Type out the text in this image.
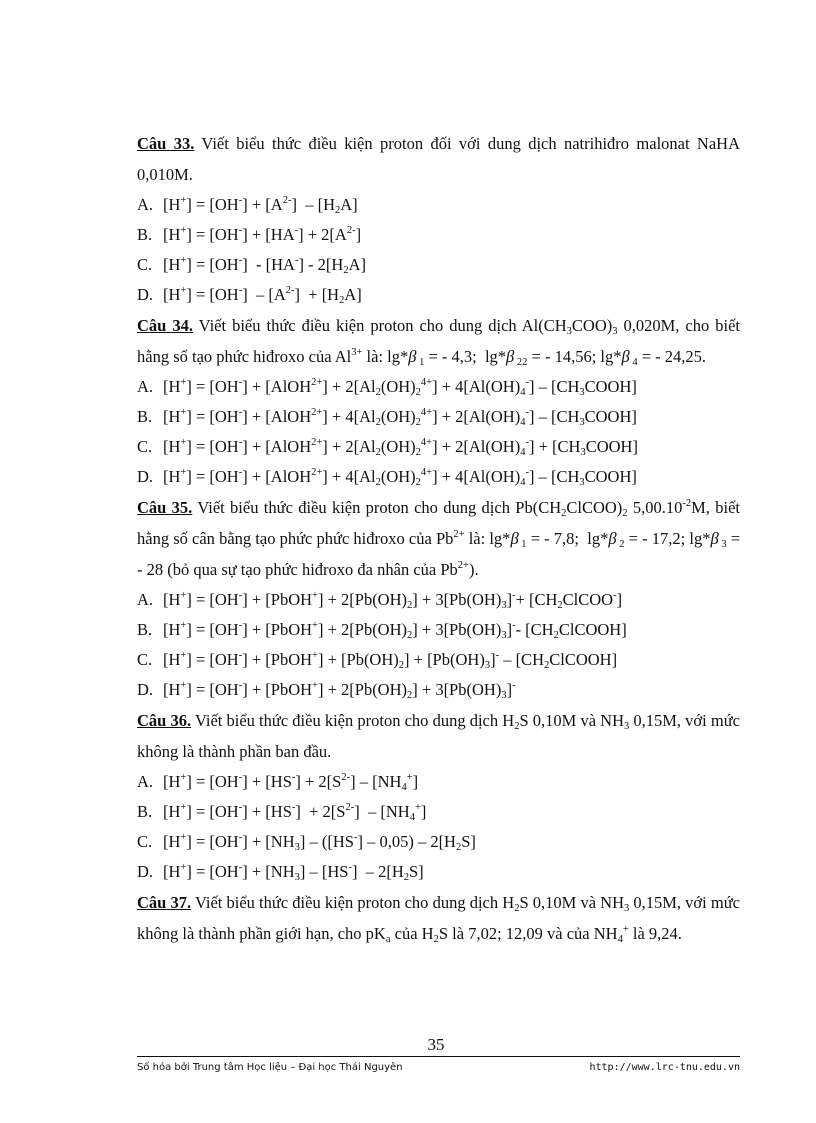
Câu 33. Viết biểu thức điều kiện proton đối với dung dịch natrihiđro malonat NaHA 0,010M.

A. $[H^+] = [OH^-] + [A^{2-}] - [H_2A]$

B. $[H^+] = [OH^-] + [HA^-] + 2[A^{2-}]$

C. $[H^+] = [OH^-] - [HA^-] - 2[H_2A]$

D. $[H^+] = [OH^-] - [A^{2-}] + [H_2A]$

Câu 34. Viết biểu thức điều kiện proton cho dung dịch $Al(CH_3COO)_3$ 0,020M, cho biết hằng số tạo phức hiđroxo của $Al^{3+}$ là: lg*β $_1$ = - 4,3;  lg*β $_{22}$ = - 14,56; lg*β $_4$ = - 24,25.

A. [H+] = [OH-] + [AlOH$^{2+}$] + $2[Al_2(OH)_2^{4+}] + 4[Al(OH)_4^-]$ – $[CH_3COOH]$

B. [H+] = [OH-] + [AlOH$^{2+}$] + $4[Al_2(OH)_2^{4+}] + 2[Al(OH)_4^-]$ – $[CH_3COOH]$

C. [H+] = [OH-] + [AlOH$^{2+}$] + $2[Al_2(OH)_2^{4+}] + 2[Al(OH)_4^-]$ + $[CH_3COOH]$

D. [H+] = [OH-] + [AlOH$^{2+}$] + $4[Al_2(OH)_2^{4+}] + 4[Al(OH)_4^-]$ – $[CH_3COOH]$

Câu 35. Viết biểu thức điều kiện proton cho dung dịch $Pb(CH_2ClCOO)_2$ $5,00.10^{-2}M$, biết hằng số cân bằng tạo phức phức hiđroxo của $Pb^{2+}$ là: lg*β $_1$ = - 7,8;  lg*β $_2$ = - 17,2; lg*β $_3$ = - 28 (bỏ qua sự tạo phức hiđroxo đa nhân của $Pb^{2+}$).

A. [H+] = [OH-] + [PbOH+] + $2[Pb(OH)_2] + 3[Pb(OH)_3]^-+$ $[CH_2ClCOO^-]$

B. [H+] = [OH-] + [PbOH+] + $2[Pb(OH)_2] + 3[Pb(OH)_3]^--$ $[CH_2ClCOOH]$

C. [H+] = [OH-] + [PbOH+] + $[Pb(OH)_2] + [Pb(OH)_3]^-$ – $[CH_2ClCOOH]$

D. [H+] = [OH-] + [PbOH+] + $2[Pb(OH)_2] + 3[Pb(OH)_3]^-$

Câu 36. Viết biểu thức điều kiện proton cho dung dịch $H_2S$ 0,10M và $NH_3$ 0,15M, với mức không là thành phần ban đầu.

A. $[H^+] = [OH^-] + [HS^-] + 2[S^{2-}] - [NH_4^+]$

B. $[H^+] = [OH^-] + [HS^-] + 2[S^{2-}] - [NH_4^+]$

C. $[H^+] = [OH^-] + [NH_3] - ([HS^-] - 0,05) - 2[H_2S]$

D. $[H^+] = [OH^-] + [NH_3] - [HS^-] - 2[H_2S]$

Câu 37. Viết biểu thức điều kiện proton cho dung dịch $H_2S$ 0,10M và $NH_3$ 0,15M, với mức không là thành phần giới hạn, cho $pK_a$ của $H_2S$ là 7,02; 12,09 và của $NH_4^+$ là 9,24.

35
Số hóa bởi Trung tâm Học liệu – Đại học Thái Nguyên	http://www.lrc-tnu.edu.vn
